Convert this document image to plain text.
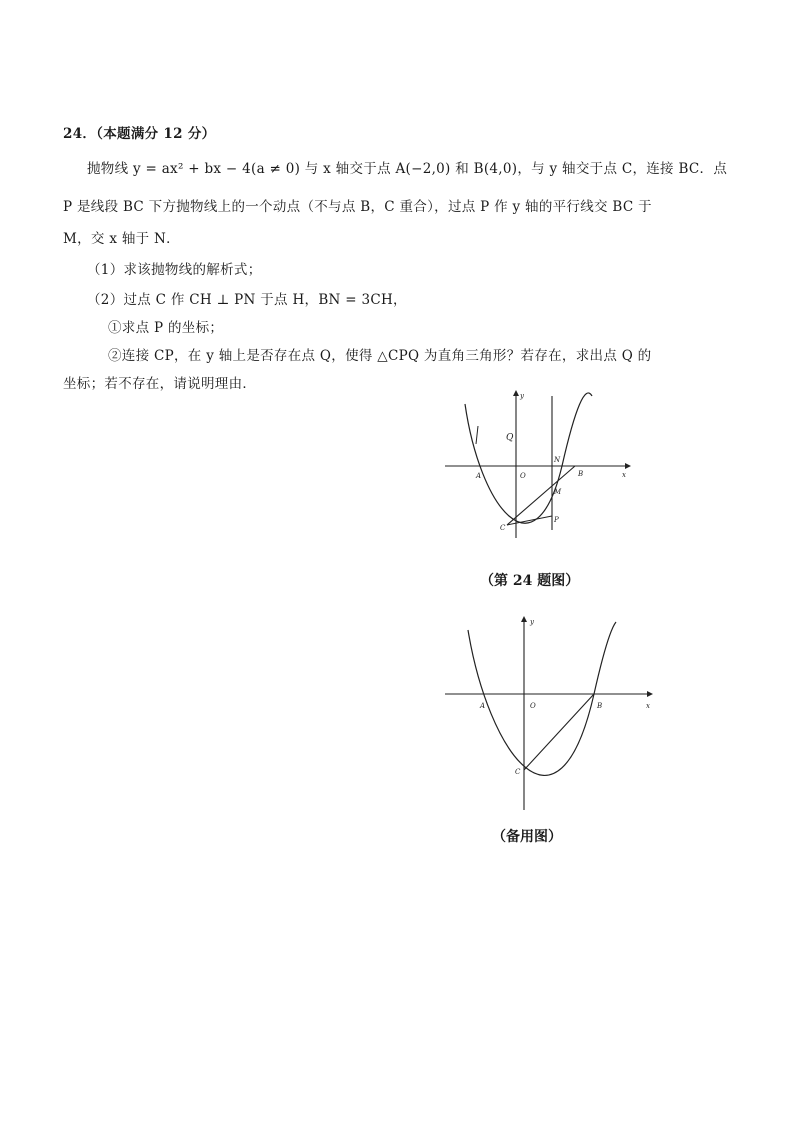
24．（本题满分 12 分）
抛物线 y = ax² + bx − 4(a ≠ 0) 与 x 轴交于点 A(−2,0) 和 B(4,0)，与 y 轴交于点 C，连接 BC．点
P 是线段 BC 下方抛物线上的一个动点（不与点 B，C 重合），过点 P 作 y 轴的平行线交 BC 于
M，交 x 轴于 N．
（1）求该抛物线的解析式；
（2）过点 C 作 CH ⊥ PN 于点 H，BN = 3CH，
①求点 P 的坐标；
②连接 CP，在 y 轴上是否存在点 Q，使得 △CPQ 为直角三角形？若存在，求出点 Q 的
坐标；若不存在，请说明理由．
y
x
A	O	B
C
N
M
P
Q
（第 24 题图）
y
x
A	O	B
C
（备用图）
